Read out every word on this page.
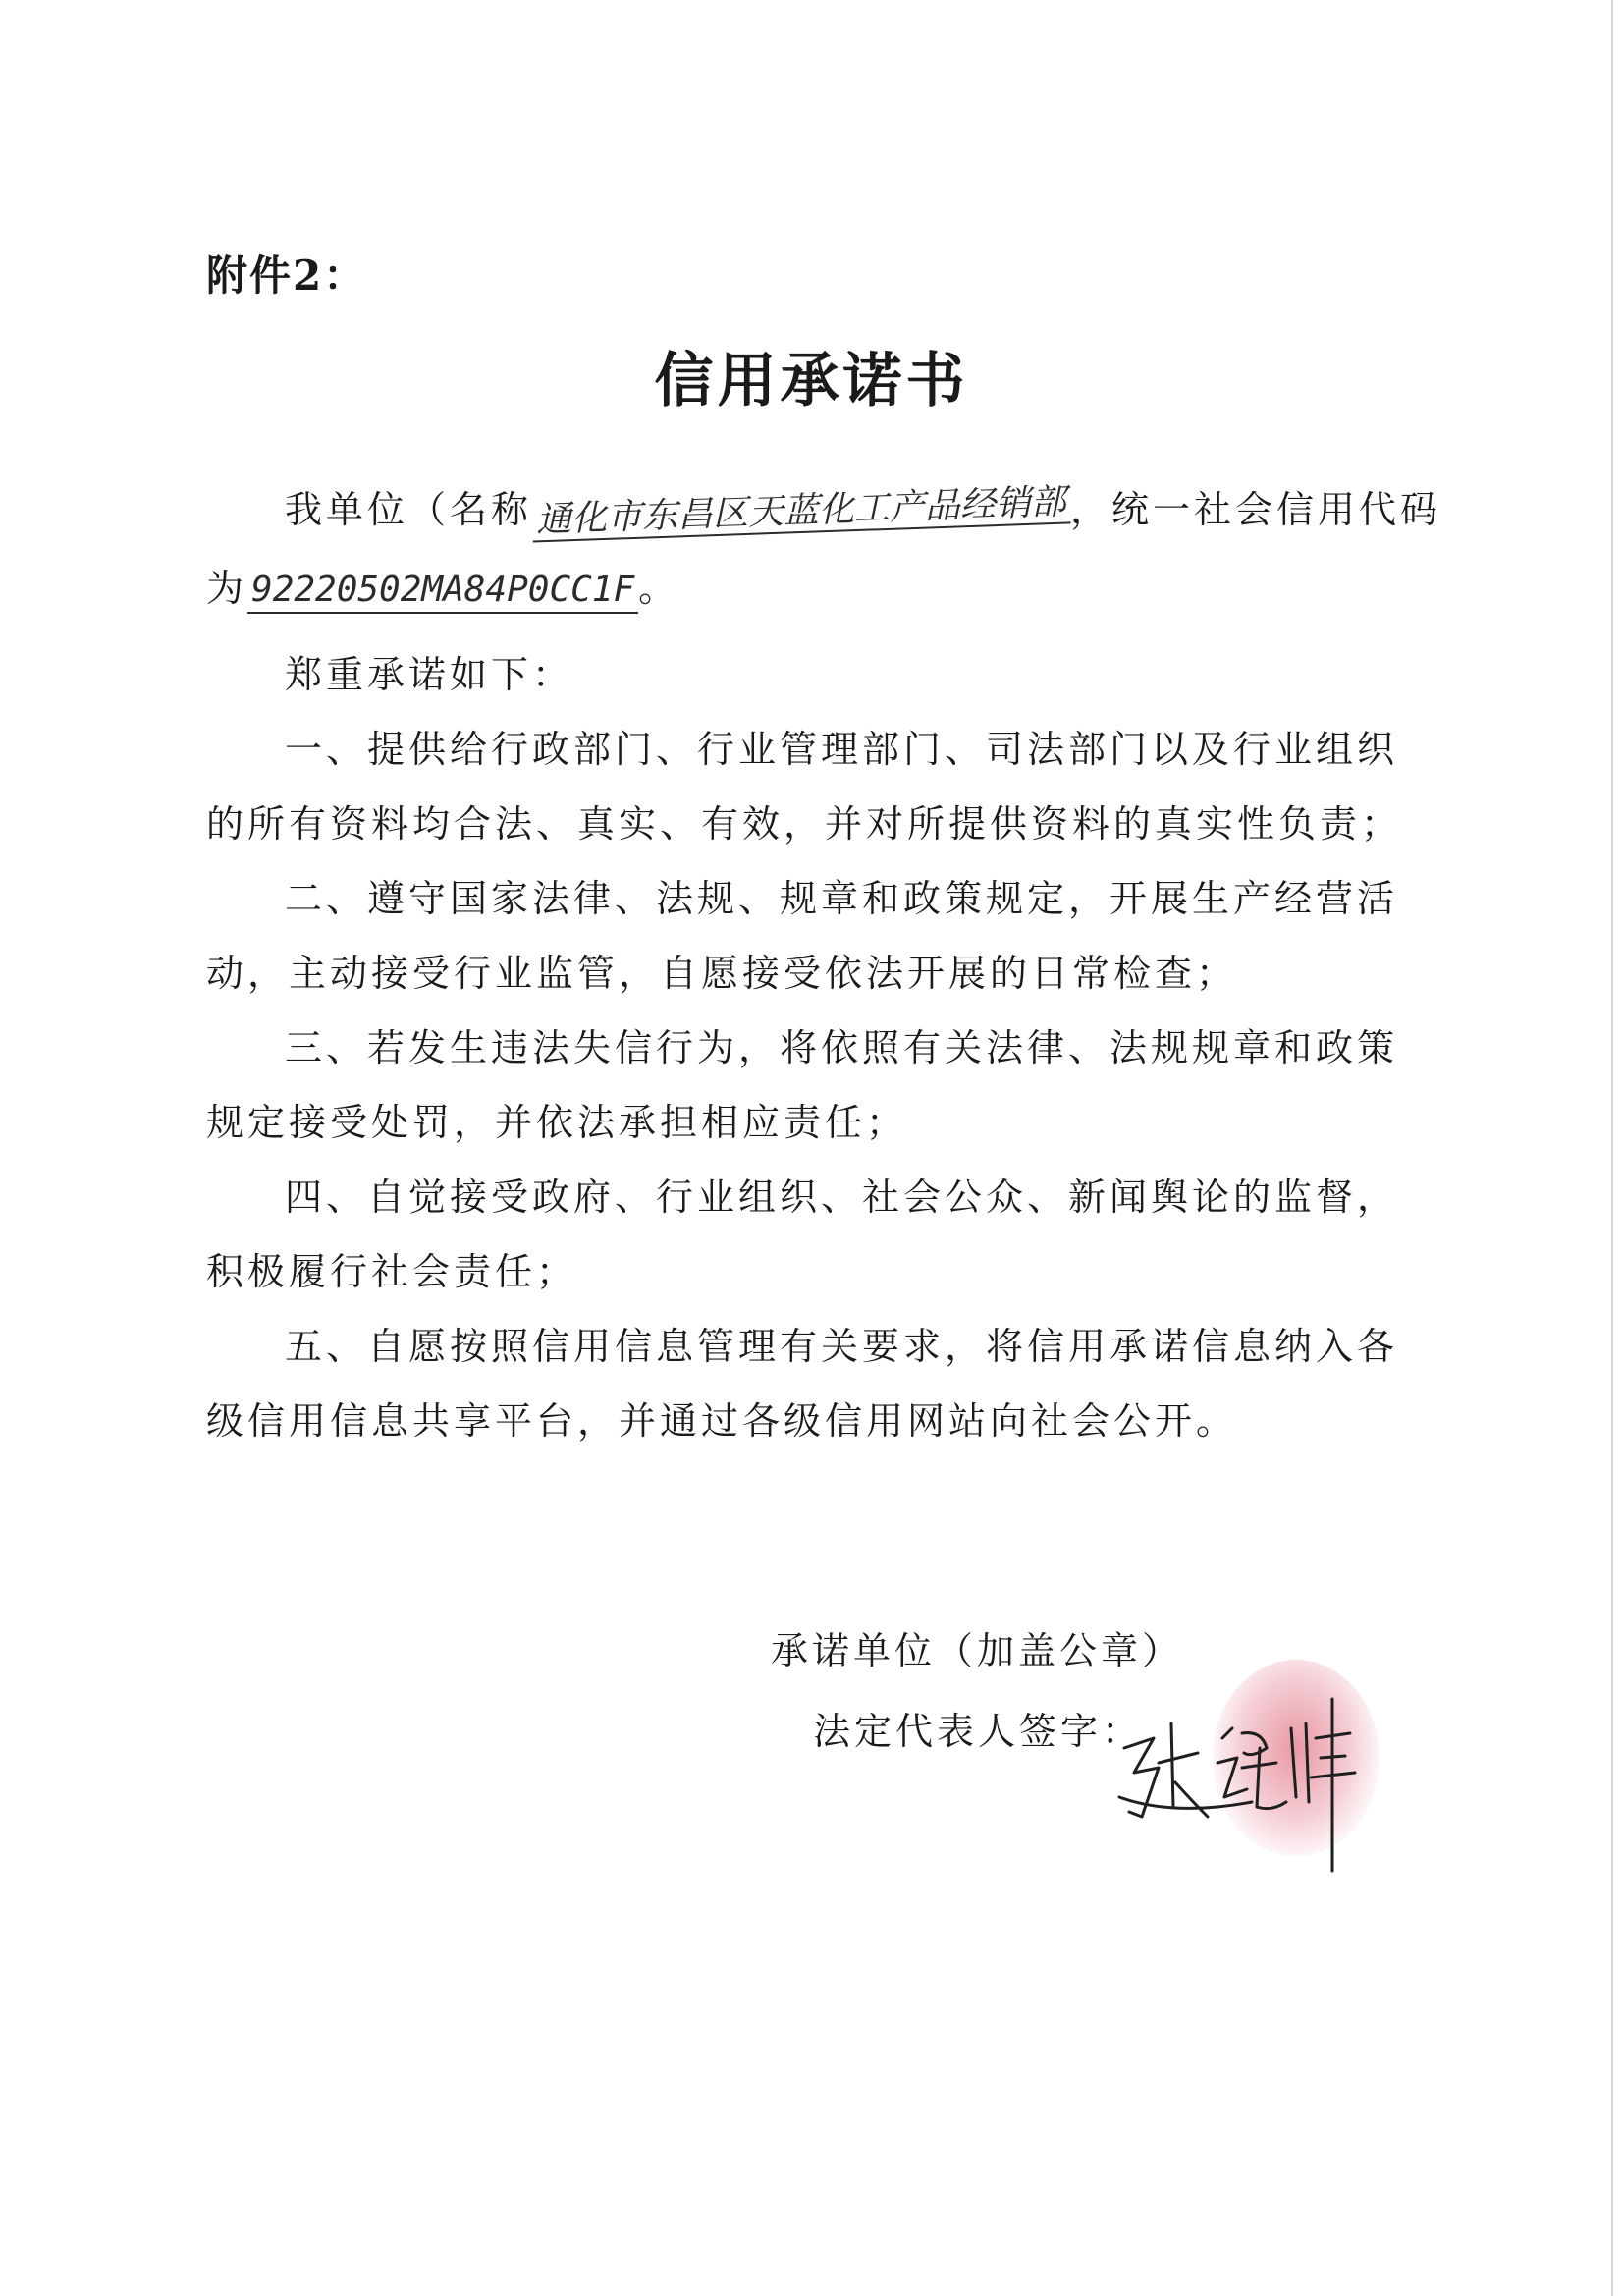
附件2：
信用承诺书
我单位（名称通化市东昌区天蓝化工产品经销部，统一社会信用代码
为 92220502MA84P0CC1F 。
郑重承诺如下：
一、提供给行政部门、行业管理部门、司法部门以及行业组织
的所有资料均合法、真实、有效，并对所提供资料的真实性负责；
二、遵守国家法律、法规、规章和政策规定，开展生产经营活
动，主动接受行业监管，自愿接受依法开展的日常检查；
三、若发生违法失信行为，将依照有关法律、法规规章和政策
规定接受处罚，并依法承担相应责任；
四、自觉接受政府、行业组织、社会公众、新闻舆论的监督，
积极履行社会责任；
五、自愿按照信用信息管理有关要求，将信用承诺信息纳入各
级信用信息共享平台，并通过各级信用网站向社会公开。
承诺单位（加盖公章）
法定代表人签字：
